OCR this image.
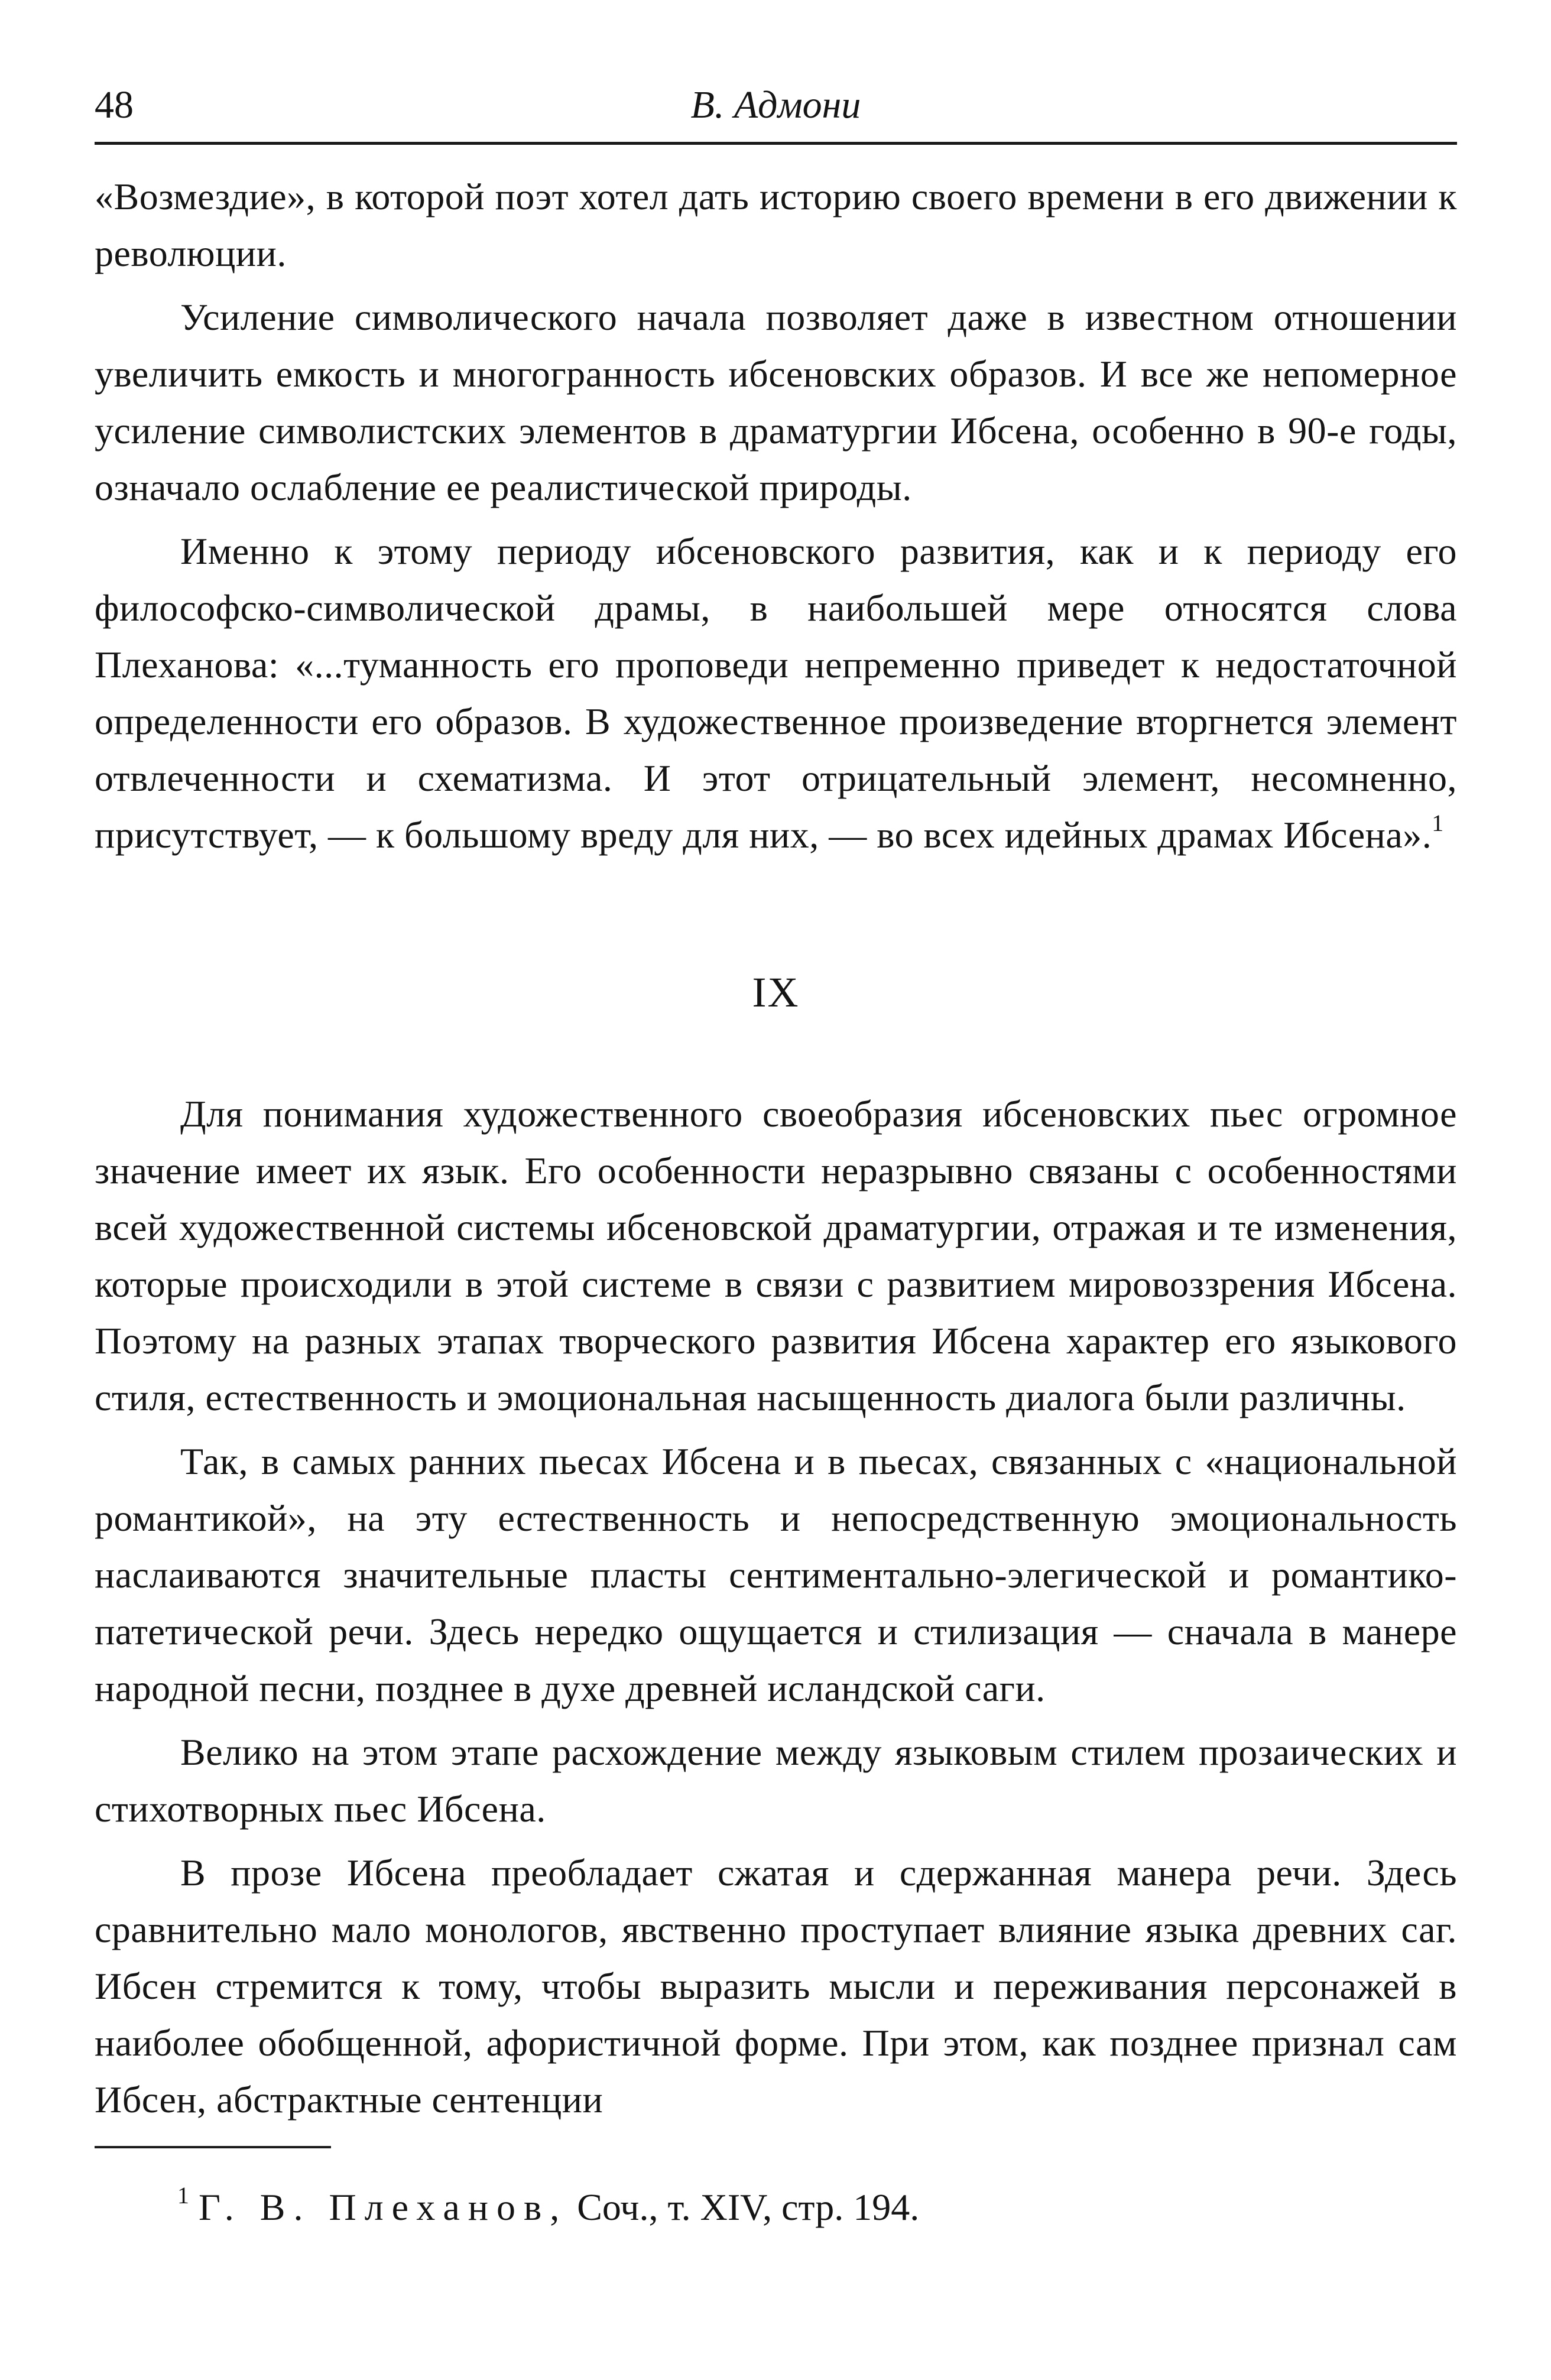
48	В. Адмони

«Возмездие», в которой поэт хотел дать историю своего времени в его движении к революции.

Усиление символического начала позволяет даже в известном отношении увеличить емкость и многогранность ибсеновских образов. И все же непомерное усиление символистских элементов в драматургии Ибсена, особенно в 90-е годы, означало ослабление ее реалистической природы.

Именно к этому периоду ибсеновского развития, как и к периоду его философско-символической драмы, в наибольшей мере относятся слова Плеханова: «...туманность его проповеди непременно приведет к недостаточной определенности его образов. В художественное произведение вторгнется элемент отвлеченности и схематизма. И этот отрицательный элемент, несомненно, присутствует, — к большому вреду для них, — во всех идейных драмах Ибсена».$^1$

IX

Для понимания художественного своеобразия ибсеновских пьес огромное значение имеет их язык. Его особенности неразрывно связаны с особенностями всей художественной системы ибсеновской драматургии, отражая и те изменения, которые происходили в этой системе в связи с развитием мировоззрения Ибсена. Поэтому на разных этапах творческого развития Ибсена характер его языкового стиля, естественность и эмоциональная насыщенность диалога были различны.

Так, в самых ранних пьесах Ибсена и в пьесах, связанных с «национальной романтикой», на эту естественность и непосредственную эмоциональность наслаиваются значительные пласты сентиментально-элегической и романтико-патетической речи. Здесь нередко ощущается и стилизация — сначала в манере народной песни, позднее в духе древней исландской саги.

Велико на этом этапе расхождение между языковым стилем прозаических и стихотворных пьес Ибсена.

В прозе Ибсена преобладает сжатая и сдержанная манера речи. Здесь сравнительно мало монологов, явственно проступает влияние языка древних саг. Ибсен стремится к тому, чтобы выразить мысли и переживания персонажей в наиболее обобщенной, афористичной форме. При этом, как позднее признал сам Ибсен, абстрактные сентенции

$^1$ Г. В. Плеханов, Соч., т. XIV, стр. 194.
